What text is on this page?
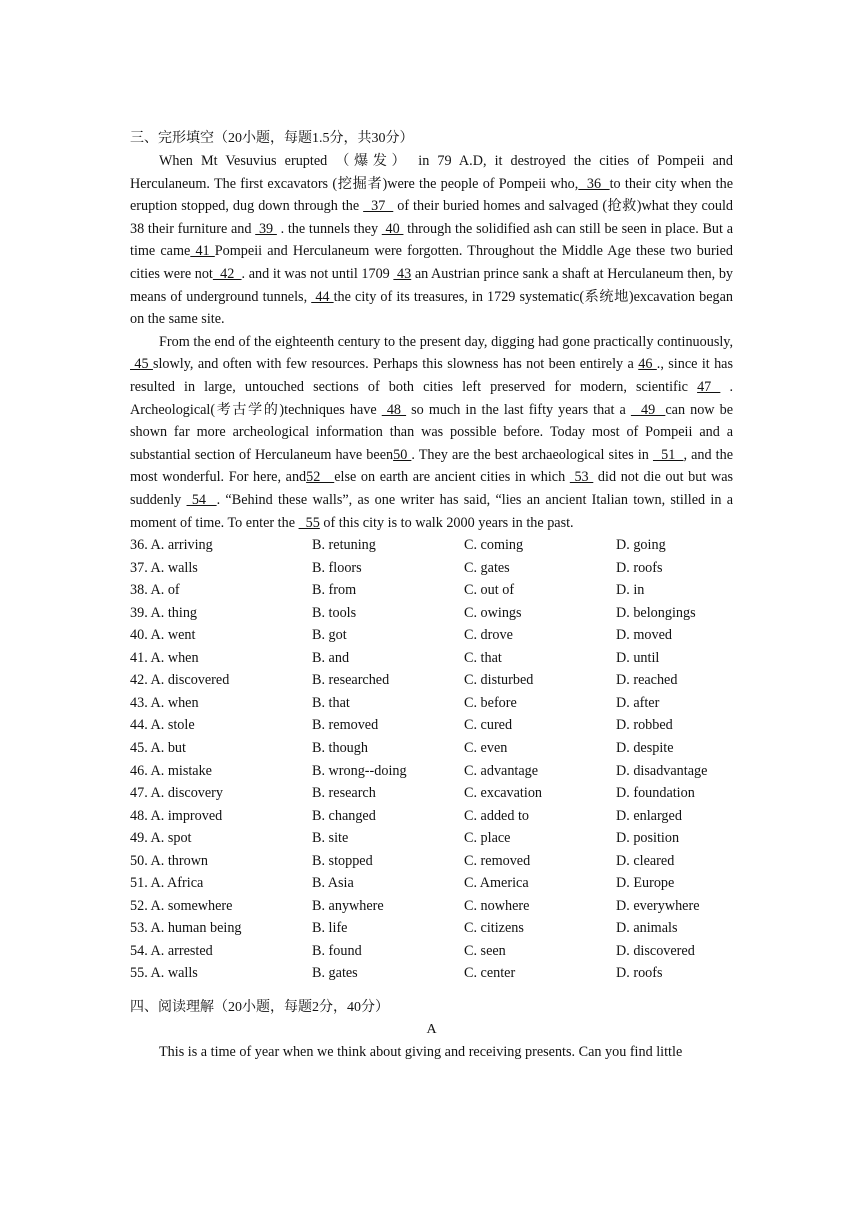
三、完形填空（20小题，每题1.5分，共30分）

When Mt Vesuvius erupted （爆发） in 79 A.D, it destroyed the cities of Pompeii and Herculaneum. The first excavators (挖掘者)were the people of Pompeii who,  36  to their city when the eruption stopped, dug down through the   37   of their buried homes and salvaged (抢救)what they could 38 their furniture and  39  . the tunnels they  40  through the solidified ash can still be seen in place. But a time came 41 Pompeii and Herculaneum were forgotten. Throughout the Middle Age these two buried cities were not  42  . and it was not until 1709  43 an Austrian prince sank a shaft at Herculaneum then, by means of underground tunnels,  44 the city of its treasures, in 1729 systematic(系统地)excavation began on the same site.

From the end of the eighteenth century to the present day, digging had gone practically continuously, 45 slowly, and often with few resources. Perhaps this slowness has not been entirely a 46 ., since it has resulted in large, untouched sections of both cities left preserved for modern, scientific 47  . Archeological(考古学的)techniques have  48  so much in the last fifty years that a   49  can now be shown far more archeological information than was possible before. Today most of Pompeii and a substantial section of Herculaneum have been50 . They are the best archaeological sites in   51  , and the most wonderful. For here, and52   else on earth are ancient cities in which  53  did not die out but was suddenly  54  . “Behind these walls”, as one writer has said, “lies an ancient Italian town, stilled in a moment of time. To enter the   55 of this city is to walk 2000 years in the past.

36. A. arriving	B. retuning	C. coming	D. going
37. A. walls	B. floors	C. gates	D. roofs
38. A. of	B. from	C. out of	D. in
39. A. thing	B. tools	C. owings	D. belongings
40. A. went	B. got	C. drove	D. moved
41. A. when	B. and	C. that	D. until
42. A. discovered	B. researched	C. disturbed	D. reached
43. A. when	B. that	C. before	D. after
44. A. stole	B. removed	C. cured	D. robbed
45. A. but	B. though	C. even	D. despite
46. A. mistake	B. wrong--doing	C. advantage	D. disadvantage
47. A. discovery	B. research	C. excavation	D. foundation
48. A. improved	B. changed	C. added to	D. enlarged
49. A. spot	B. site	C. place	D. position
50. A. thrown	B. stopped	C. removed	D. cleared
51. A. Africa	B. Asia	C. America	D. Europe
52. A. somewhere	B. anywhere	C. nowhere	D. everywhere
53. A. human being	B. life	C. citizens	D. animals
54. A. arrested	B. found	C. seen	D. discovered
55. A. walls	B. gates	C. center	D. roofs
四、阅读理解（20小题，每题2分，40分）
A

This is a time of year when we think about giving and receiving presents. Can you find little
